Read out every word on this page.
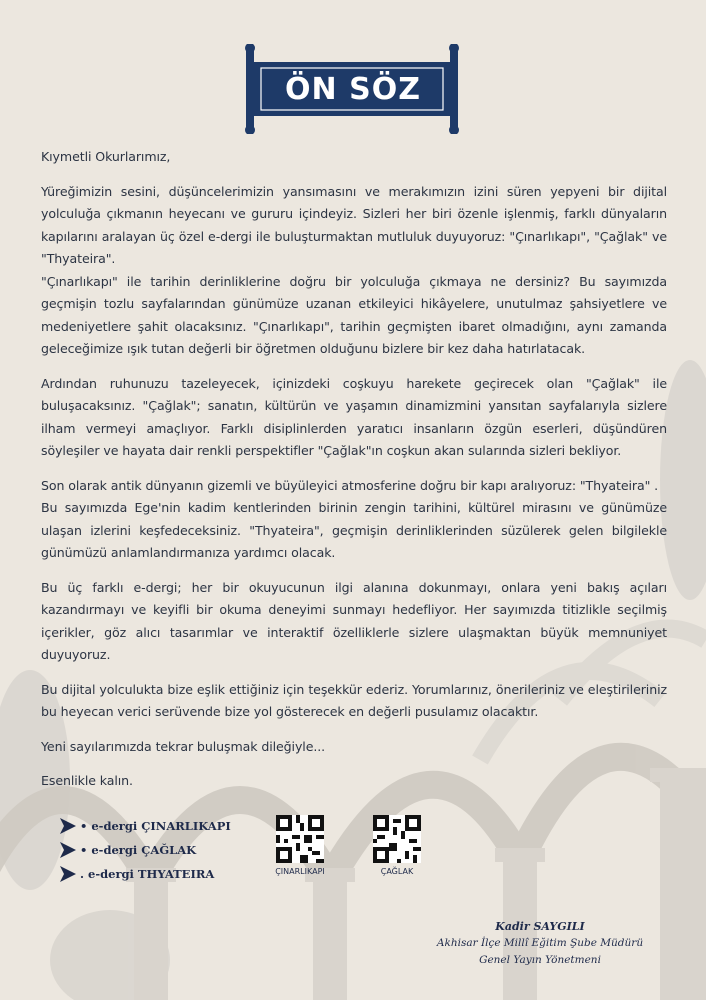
ÖN SÖZ

Kıymetli Okurlarımız,

Yüreğimizin sesini, düşüncelerimizin yansımasını ve merakımızın izini süren yepyeni bir dijital yolculuğa çıkmanın heyecanı ve gururu içindeyiz. Sizleri her biri özenle işlenmiş, farklı dünyaların kapılarını aralayan üç özel e-dergi ile buluşturmaktan mutluluk duyuyoruz: "Çınarlıkapı", "Çağlak" ve "Thyateira".

"Çınarlıkapı" ile tarihin derinliklerine doğru bir yolculuğa çıkmaya ne dersiniz? Bu sayımızda geçmişin tozlu sayfalarından günümüze uzanan etkileyici hikâyelere, unutulmaz şahsiyetlere ve medeniyetlere şahit olacaksınız. "Çınarlıkapı", tarihin geçmişten ibaret olmadığını, aynı zamanda geleceğimize ışık tutan değerli bir öğretmen olduğunu bizlere bir kez daha hatırlatacak.

Ardından ruhunuzu tazeleyecek, içinizdeki coşkuyu harekete geçirecek olan "Çağlak" ile buluşacaksınız. "Çağlak"; sanatın, kültürün ve yaşamın dinamizmini yansıtan sayfalarıyla sizlere ilham vermeyi amaçlıyor. Farklı disiplinlerden yaratıcı insanların özgün eserleri, düşündüren söyleşiler ve hayata dair renkli perspektifler "Çağlak"ın coşkun akan sularında sizleri bekliyor.

Son olarak antik dünyanın gizemli ve büyüleyici atmosferine doğru bir kapı aralıyoruz: "Thyateira" .

Bu sayımızda Ege'nin kadim kentlerinden birinin zengin tarihini, kültürel mirasını ve günümüze ulaşan izlerini keşfedeceksiniz. "Thyateira", geçmişin derinliklerinden süzülerek gelen bilgilekle günümüzü anlamlandırmanıza yardımcı olacak.

Bu üç farklı e-dergi; her bir okuyucunun ilgi alanına dokunmayı, onlara yeni bakış açıları kazandırmayı ve keyifli bir okuma deneyimi sunmayı hedefliyor. Her sayımızda titizlikle seçilmiş içerikler, göz alıcı tasarımlar ve interaktif özelliklerle sizlere ulaşmaktan büyük memnuniyet duyuyoruz.

Bu dijital yolculukta bize eşlik ettiğiniz için teşekkür ederiz. Yorumlarınız, önerileriniz ve eleştirileriniz bu heyecan verici serüvende bize yol gösterecek en değerli pusulamız olacaktır.

Yeni sayılarımızda tekrar buluşmak dileğiyle...

Esenlikle kalın.

• e-dergi ÇINARLIKAPI
• e-dergi ÇAĞLAK
. e-dergi THYATEIRA	ÇINARLIKAPI	ÇAĞLAK
Kadir SAYGILI
Akhisar İlçe Millî Eğitim Şube Müdürü
Genel Yayın Yönetmeni
